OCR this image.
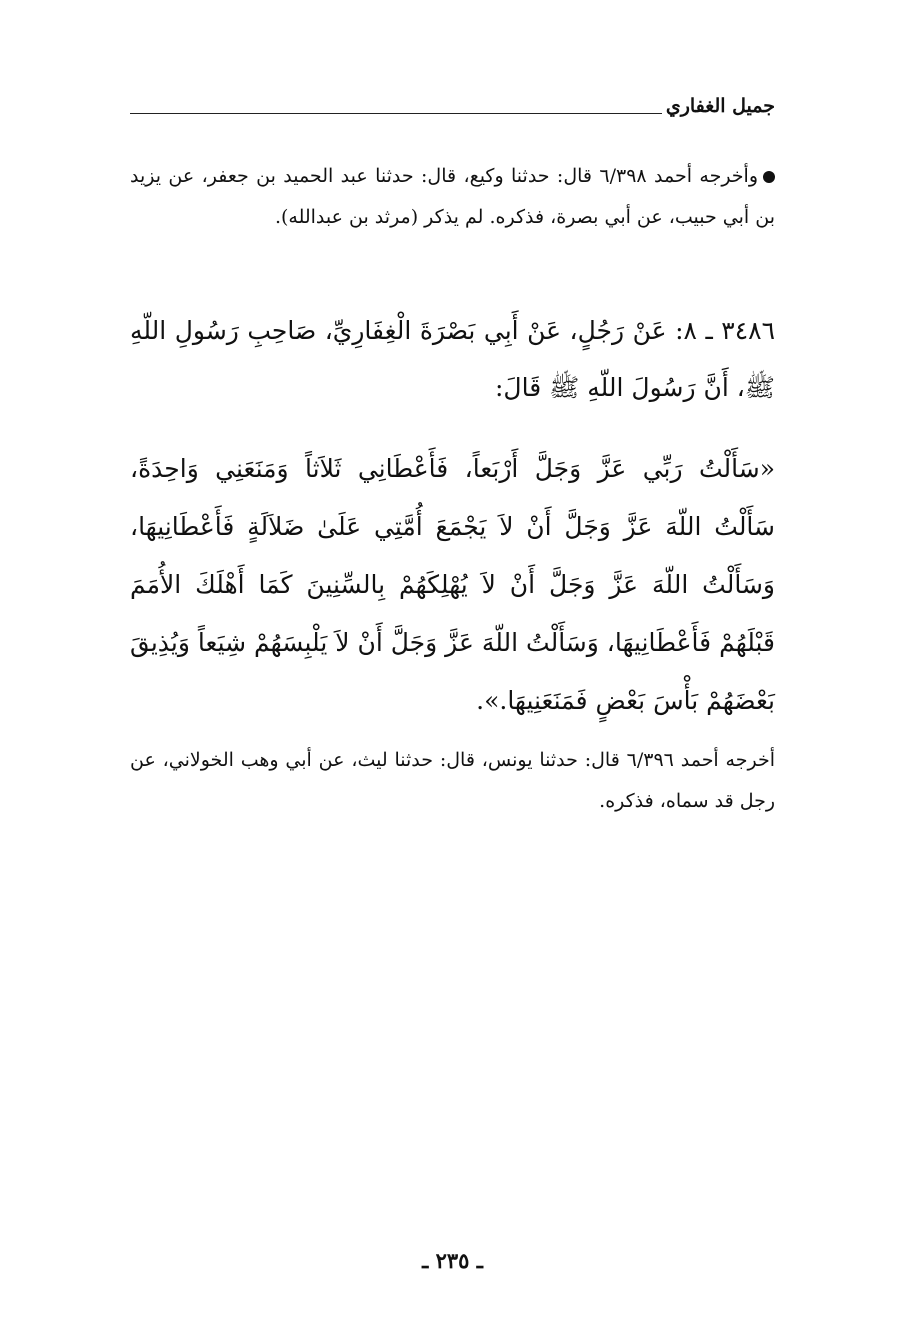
جميل الغفاري

وأخرجه أحمد ٦/٣٩٨ قال: حدثنا وكيع، قال: حدثنا عبد الحميد بن جعفر، عن يزيد بن أبي حبيب، عن أبي بصرة، فذكره. لم يذكر (مرثد بن عبدالله).

٣٤٨٦ ـ ٨: عَنْ رَجُلٍ، عَنْ أَبِي بَصْرَةَ الْغِفَارِيِّ، صَاحِبِ رَسُولِ اللّهِ ﷺ، أَنَّ رَسُولَ اللّهِ ﷺ قَالَ:

«سَأَلْتُ رَبِّي عَزَّ وَجَلَّ أَرْبَعاً، فَأَعْطَانِي ثَلاَثاً وَمَنَعَنِي وَاحِدَةً، سَأَلْتُ اللّهَ عَزَّ وَجَلَّ أَنْ لاَ يَجْمَعَ أُمَّتِي عَلَىٰ ضَلاَلَةٍ فَأَعْطَانِيهَا، وَسَأَلْتُ اللّهَ عَزَّ وَجَلَّ أَنْ لاَ يُهْلِكَهُمْ بِالسِّنِينَ كَمَا أَهْلَكَ الأُمَمَ قَبْلَهُمْ فَأَعْطَانِيهَا، وَسَأَلْتُ اللّهَ عَزَّ وَجَلَّ أَنْ لاَ يَلْبِسَهُمْ شِيَعاً وَيُذِيقَ بَعْضَهُمْ بَأْسَ بَعْضٍ فَمَنَعَنِيهَا.».

أخرجه أحمد ٦/٣٩٦ قال: حدثنا يونس، قال: حدثنا ليث، عن أبي وهب الخولاني، عن رجل قد سماه، فذكره.

ـ ٢٣٥ ـ
